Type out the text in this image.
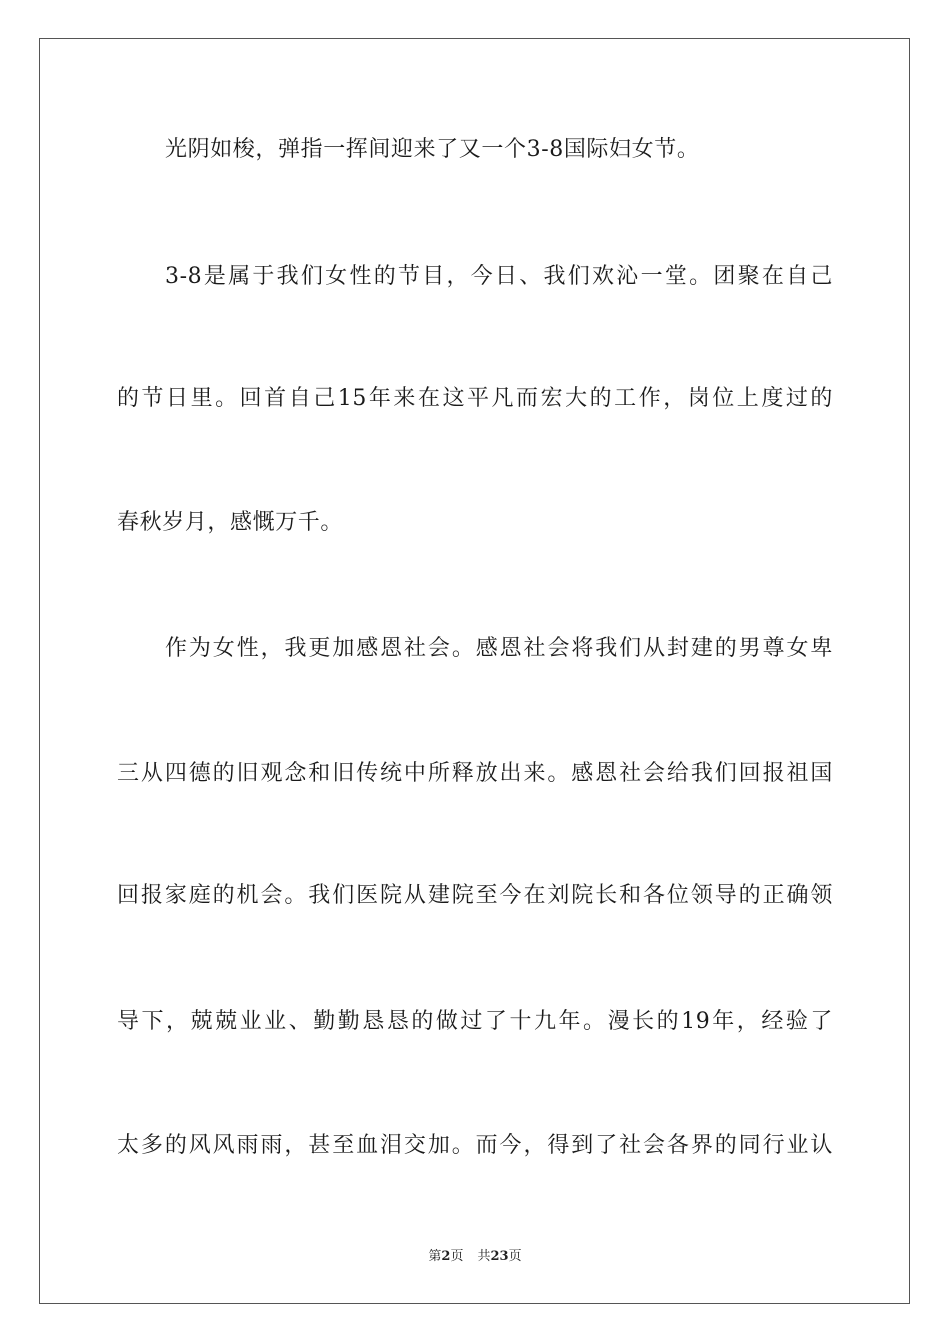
光阴如梭，弹指一挥间迎来了又一个3-8国际妇女节。
3-8是属于我们女性的节目，今日、我们欢沁一堂。团聚在自己
的节日里。回首自己15年来在这平凡而宏大的工作，岗位上度过的
春秋岁月，感慨万千。
作为女性，我更加感恩社会。感恩社会将我们从封建的男尊女卑
三从四德的旧观念和旧传统中所释放出来。感恩社会给我们回报祖国
回报家庭的机会。我们医院从建院至今在刘院长和各位领导的正确领
导下，兢兢业业、勤勤恳恳的做过了十九年。漫长的19年，经验了
太多的风风雨雨，甚至血泪交加。而今，得到了社会各界的同行业认
第2页 共23页
